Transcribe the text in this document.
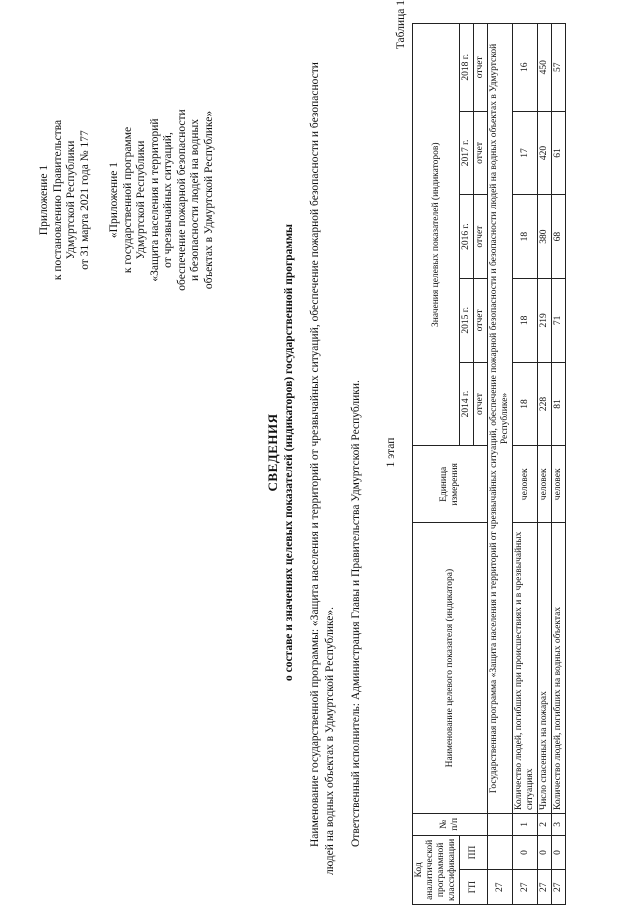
Приложение 1 к постановлению Правительства Удмуртской Республики от 31 марта 2021 года № 177 «Приложение 1 к государственной программе Удмуртской Республики «Защита населения и территорий от чрезвычайных ситуаций, обеспечение пожарной безопасности и безопасности людей на водных объектах в Удмуртской Республике»
СВЕДЕНИЯ о составе и значениях целевых показателей (индикаторов) государственной программы Наименование государственной программы: «Защита населения и территорий от чрезвычайных ситуаций, обеспечение пожарной безопасности и безопасности людей на водных объектах в Удмуртской Республике». Ответственный исполнитель: Администрация Главы и Правительства Удмуртской Республики. 1 этап
Таблица 1
Код аналитической программной классификации		№ п/п	Наименование целевого показателя (индикатора)	Единица измерения	Значения целевых показателей (индикаторов)				
ГП	ПП				2014 г.	2015 г.	2016 г.	2017 г.	2018 г.
					отчет	отчет	отчет	отчет	отчет
27			Государственная программа «Защита населения и территорий от чрезвычайных ситуаций, обеспечение пожарной безопасности и безопасности людей на водных объектах в Удмуртской Республике»						
27	0	1	Количество людей, погибших при происшествиях и в чрезвычайных ситуациях	человек	18	18	18	17	16
27	0	2	Число спасенных на пожарах	человек	228	219	380	420	450
27	0	3	Количество людей, погибших на водных объектах	человек	81	71	68	61	57
